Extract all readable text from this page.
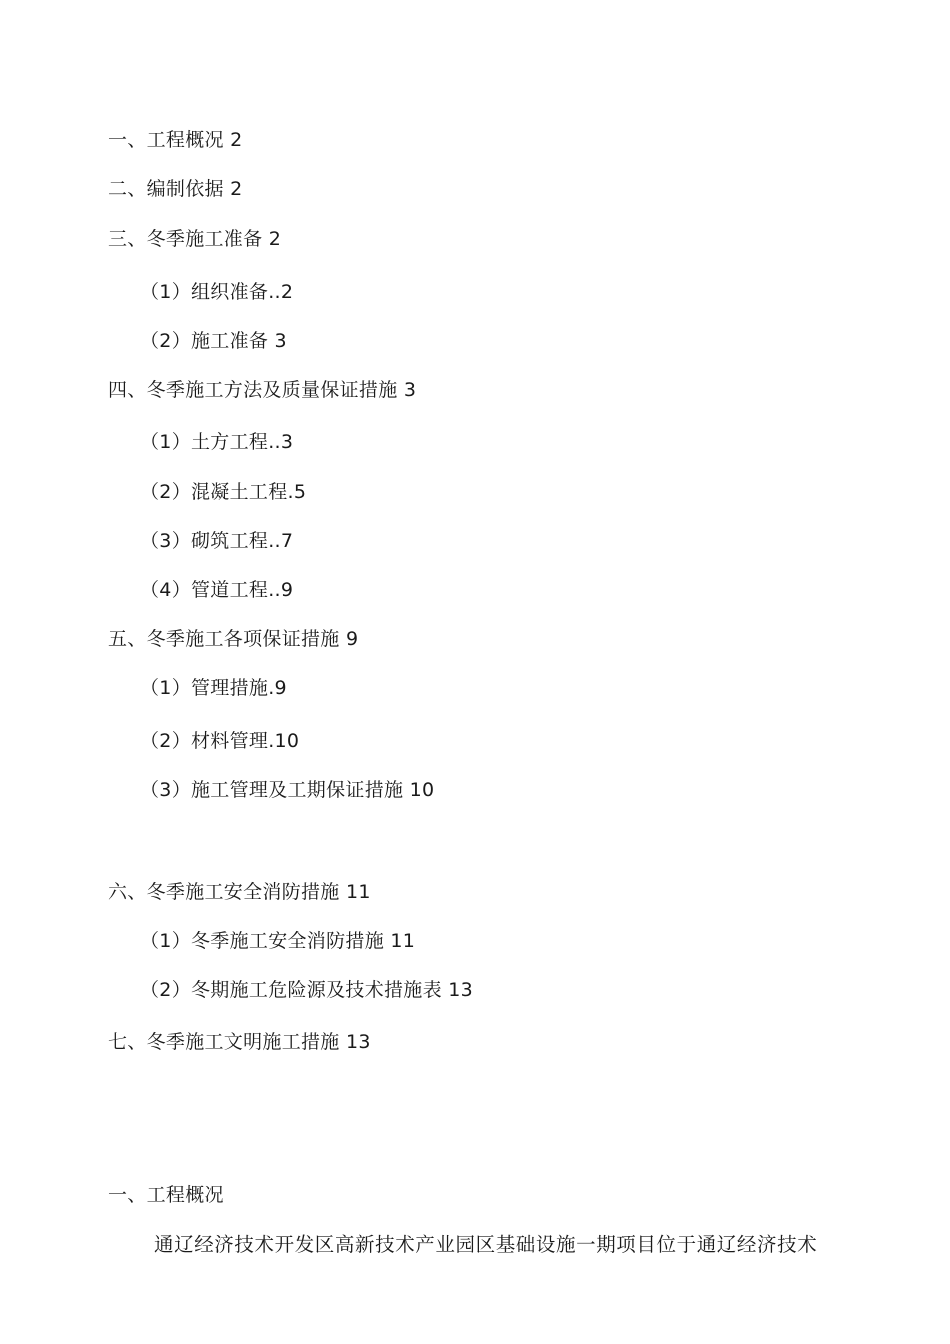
一、工程概况 2
二、编制依据 2
三、冬季施工准备 2
（1）组织准备..2
（2）施工准备 3
四、冬季施工方法及质量保证措施 3
（1）土方工程..3
（2）混凝土工程.5
（3）砌筑工程..7
（4）管道工程..9
五、冬季施工各项保证措施 9
（1）管理措施.9
（2）材料管理.10
（3）施工管理及工期保证措施 10
六、冬季施工安全消防措施 11
（1）冬季施工安全消防措施 11
（2）冬期施工危险源及技术措施表 13
七、冬季施工文明施工措施 13
一、工程概况
通辽经济技术开发区高新技术产业园区基础设施一期项目位于通辽经济技术
